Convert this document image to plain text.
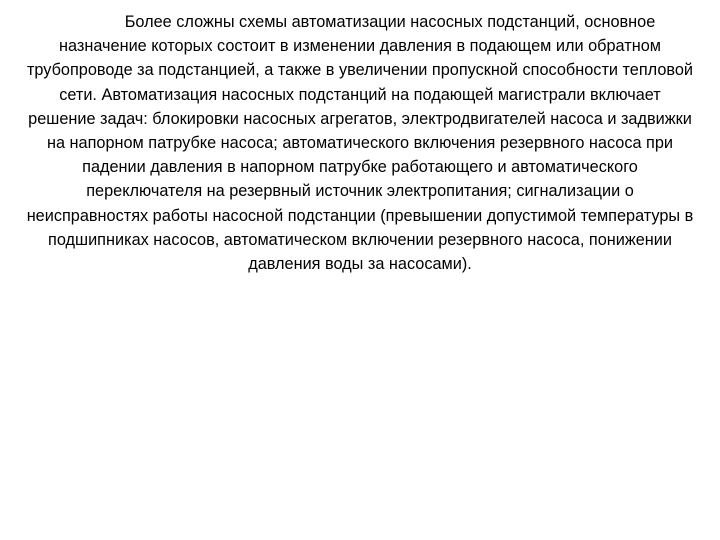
Более сложны схемы автоматизации насосных подстанций, основное назначение которых состоит в изменении давления в подающем или обратном трубопроводе за подстанцией, а также в увеличении пропускной способности тепловой сети. Автоматизация насосных подстанций на подающей магистрали включает решение задач: блокировки насосных агрегатов, электродвигателей насоса и задвижки на напорном патрубке насоса; автоматического включения резервного насоса при падении давления в напорном патрубке работающего и автоматического переключателя на резервный источник электропитания; сигнализации о неисправностях работы насосной подстанции (превышении допустимой температуры в подшипниках насосов, автоматическом включении резервного насоса, понижении давления воды за насосами).
